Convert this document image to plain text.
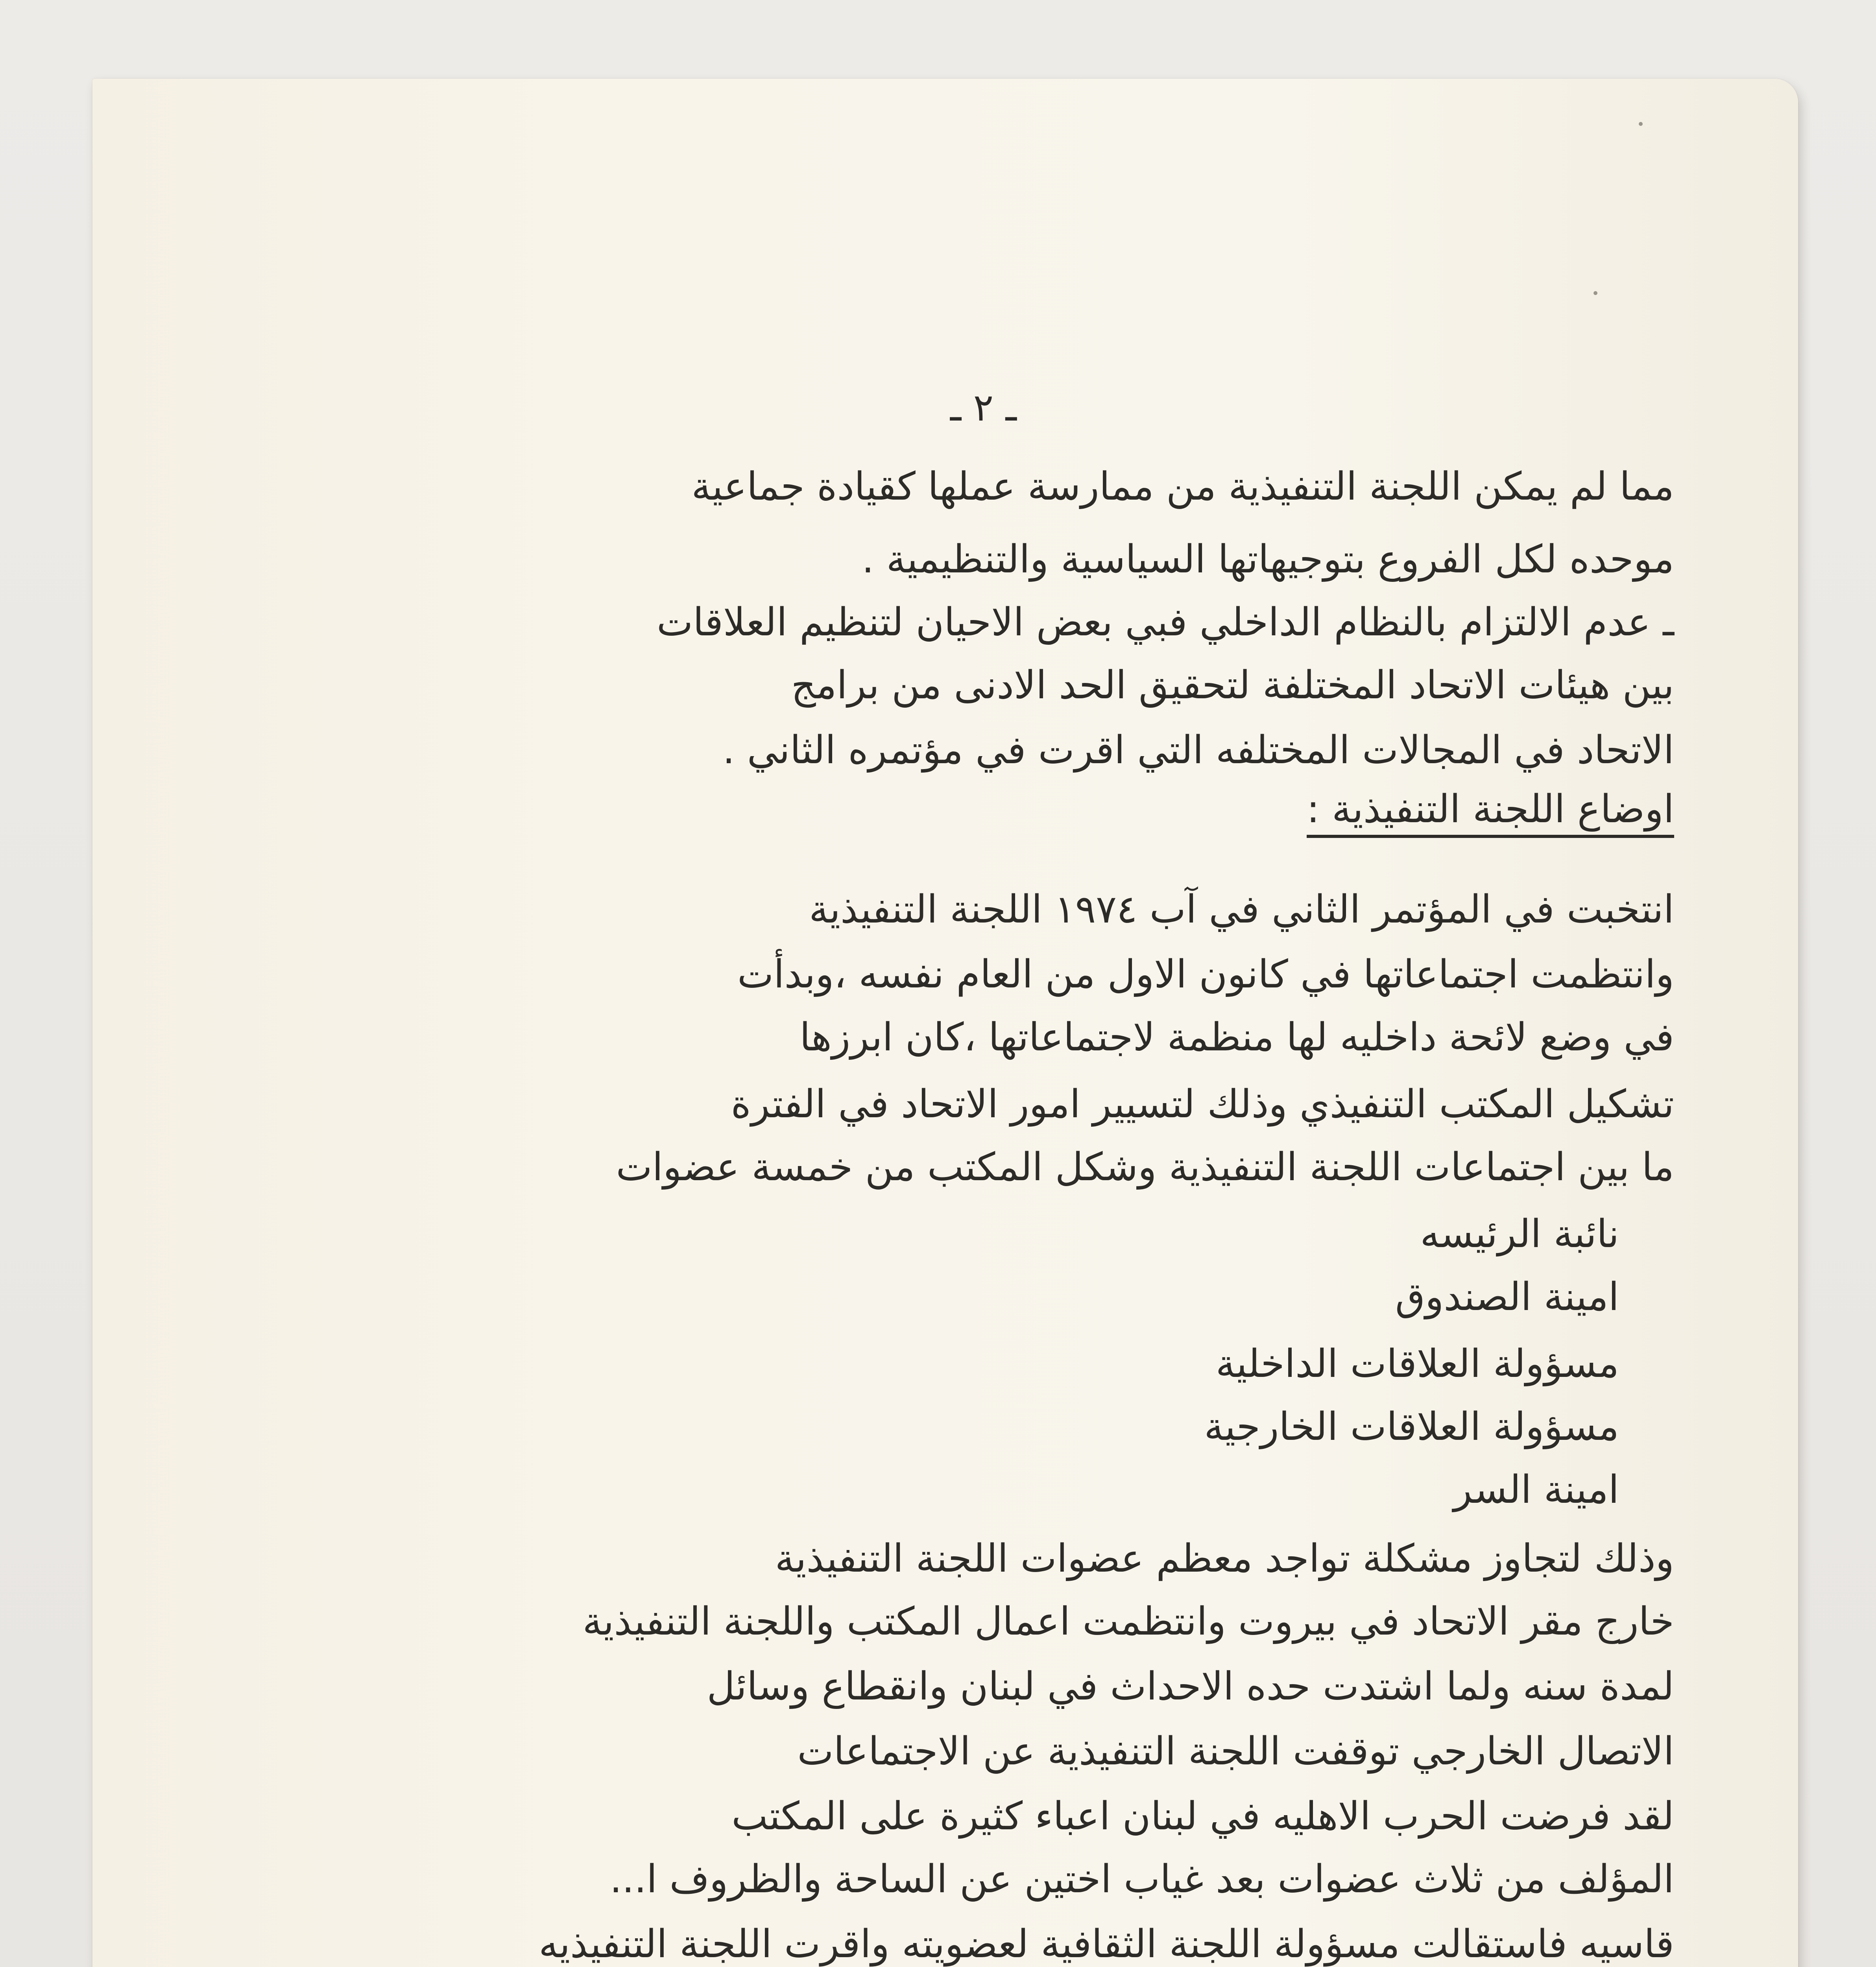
ـ ٢ ـ
مما لم يمكن اللجنة التنفيذية من ممارسة عملها كقيادة جماعية
موحده لكل الفروع بتوجيهاتها السياسية والتنظيمية .
ـ عدم الالتزام بالنظام الداخلي فبي بعض الاحيان لتنظيم العلاقات
بين هيئات الاتحاد المختلفة لتحقيق الحد الادنى من برامج
الاتحاد في المجالات المختلفه التي اقرت في مؤتمره الثاني .
اوضاع اللجنة التنفيذية :
انتخبت في المؤتمر الثاني في آب ١٩٧٤ اللجنة التنفيذية
وانتظمت اجتماعاتها في كانون الاول من العام نفسه ،وبدأت
في وضع لائحة داخليه لها منظمة لاجتماعاتها ،كان ابرزها
تشكيل المكتب التنفيذي وذلك لتسيير امور الاتحاد في الفترة
ما بين اجتماعات اللجنة التنفيذية وشكل المكتب من خمسة عضوات
نائبة الرئيسه
امينة الصندوق
مسؤولة العلاقات الداخلية
مسؤولة العلاقات الخارجية
امينة السر
وذلك لتجاوز مشكلة تواجد معظم عضوات اللجنة التنفيذية
خارج مقر الاتحاد في بيروت وانتظمت اعمال المكتب واللجنة التنفيذية
لمدة سنه ولما اشتدت حده الاحداث في لبنان وانقطاع وسائل
الاتصال الخارجي توقفت اللجنة التنفيذية عن الاجتماعات
لقد فرضت الحرب الاهليه في لبنان اعباء كثيرة على المكتب
المؤلف من ثلاث عضوات بعد غياب اختين عن الساحة والظروف ا...
قاسيه فاستقالت مسؤولة اللجنة الثقافية لعضويته واقرت اللجنة التنفيذيه
